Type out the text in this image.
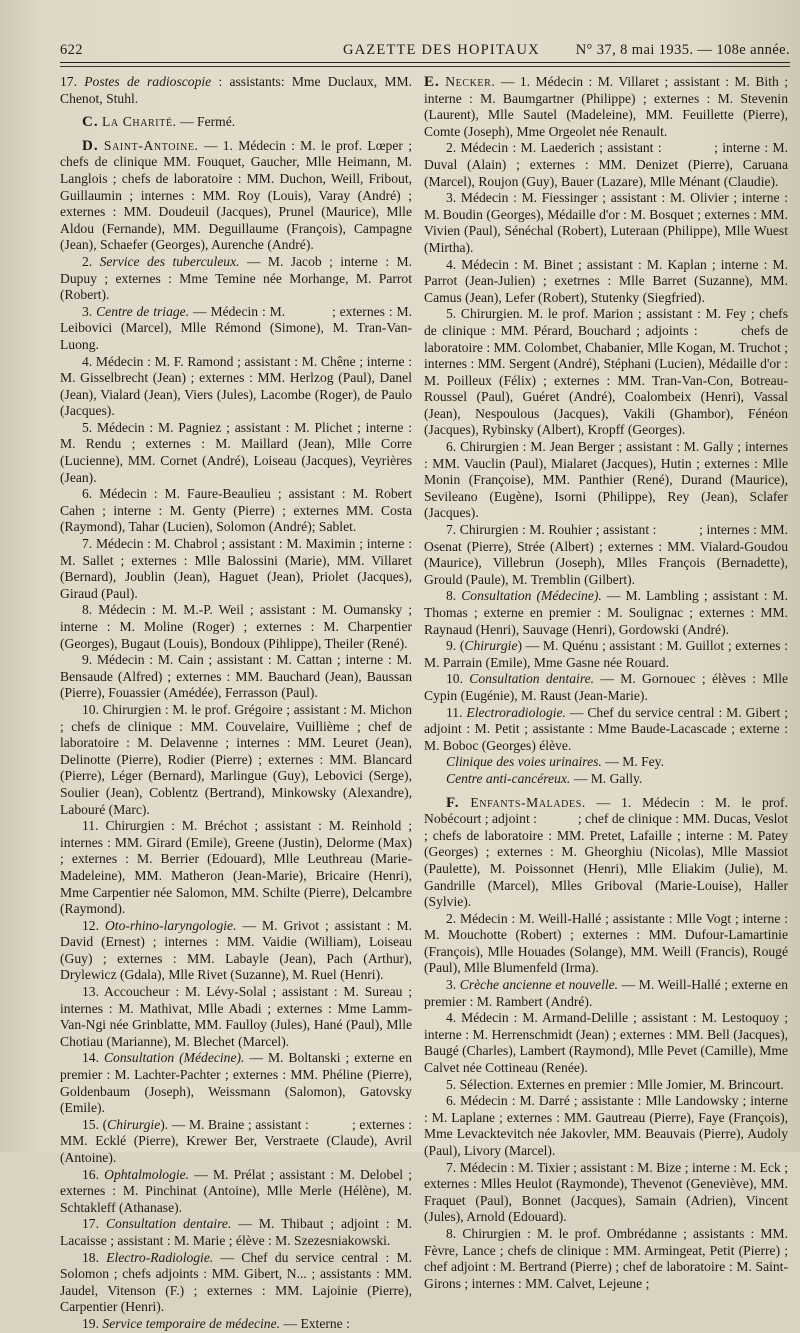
622	GAZETTE DES HOPITAUX N° 37, 8 mai 1935. — 108e année.

17. Postes de radioscopie : assistants: Mme Duclaux, MM. Chenot, Stuhl.

C. La Charité. — Fermé.

D. Saint-Antoine. — 1. Médecin : M. le prof. Lœper ; chefs de clinique MM. Fouquet, Gaucher, Mlle Heimann, M. Langlois ; chefs de laboratoire : MM. Duchon, Weill, Fribout, Guillaumin ; internes : MM. Roy (Louis), Varay (André) ; externes : MM. Doudeuil (Jacques), Prunel (Maurice), Mlle Aldou (Fernande), MM. Deguillaume (François), Campagne (Jean), Schaefer (Georges), Aurenche (André).

2. Service des tuberculeux. — M. Jacob ; interne : M. Dupuy ; externes : Mme Temine née Morhange, M. Parrot (Robert).

3. Centre de triage. — Médecin : M.            ; externes : M. Leibovici (Marcel), Mlle Rémond (Simone), M. Tran-Van-Luong.

4. Médecin : M. F. Ramond ; assistant : M. Chêne ; interne : M. Gisselbrecht (Jean) ; externes : MM. Herlzog (Paul), Danel (Jean), Vialard (Jean), Viers (Jules), Lacombe (Roger), de Paulo (Jacques).

5. Médecin : M. Pagniez ; assistant : M. Plichet ; interne : M. Rendu ; externes : M. Maillard (Jean), Mlle Corre (Lucienne), MM. Cornet (André), Loiseau (Jacques), Veyrières (Jean).

6. Médecin : M. Faure-Beaulieu ; assistant : M. Robert Cahen ; interne : M. Genty (Pierre) ; externes MM. Costa (Raymond), Tahar (Lucien), Solomon (André); Sablet.

7. Médecin : M. Chabrol ; assistant : M. Maximin ; interne : M. Sallet ; externes : Mlle Balossini (Marie), MM. Villaret (Bernard), Joublin (Jean), Haguet (Jean), Priolet (Jacques), Giraud (Paul).

8. Médecin : M. M.-P. Weil ; assistant : M. Oumansky ; interne : M. Moline (Roger) ; externes : M. Charpentier (Georges), Bugaut (Louis), Bondoux (Pihlippe), Theiler (René).

9. Médecin : M. Cain ; assistant : M. Cattan ; interne : M. Bensaude (Alfred) ; externes : MM. Bauchard (Jean), Baussan (Pierre), Fouassier (Amédée), Ferrasson (Paul).

10. Chirurgien : M. le prof. Grégoire ; assistant : M. Michon ; chefs de clinique : MM. Couvelaire, Vuillième ; chef de laboratoire : M. Delavenne ; internes : MM. Leuret (Jean), Delinotte (Pierre), Rodier (Pierre) ; externes : MM. Blancard (Pierre), Léger (Bernard), Marlingue (Guy), Lebovici (Serge), Soulier (Jean), Coblentz (Bertrand), Minkowsky (Alexandre), Labouré (Marc).

11. Chirurgien : M. Bréchot ; assistant : M. Reinhold ; internes : MM. Girard (Emile), Greene (Justin), Delorme (Max) ; externes : M. Berrier (Edouard), Mlle Leuthreau (Marie-Madeleine), MM. Matheron (Jean-Marie), Bricaire (Henri), Mme Carpentier née Salomon, MM. Schilte (Pierre), Delcambre (Raymond).

12. Oto-rhino-laryngologie. — M. Grivot ; assistant : M. David (Ernest) ; internes : MM. Vaidie (William), Loiseau (Guy) ; externes : MM. Labayle (Jean), Pach (Arthur), Drylewicz (Gdala), Mlle Rivet (Suzanne), M. Ruel (Henri).

13. Accoucheur : M. Lévy-Solal ; assistant : M. Sureau ; internes : M. Mathivat, Mlle Abadi ; externes : Mme Lamm-Van-Ngi née Grinblatte, MM. Faulloy (Jules), Hané (Paul), Mlle Chotiau (Marianne), M. Blechet (Marcel).

14. Consultation (Médecine). — M. Boltanski ; externe en premier : M. Lachter-Pachter ; externes : MM. Phéline (Pierre), Goldenbaum (Joseph), Weissmann (Salomon), Gatovsky (Emile).

15. (Chirurgie). — M. Braine ; assistant :            ; externes : MM. Ecklé (Pierre), Krewer Ber, Verstraete (Claude), Avril (Antoine).

16. Ophtalmologie. — M. Prélat ; assistant : M. Delobel ; externes : M. Pinchinat (Antoine), Mlle Merle (Hélène), M. Schtakleff (Athanase).

17. Consultation dentaire. — M. Thibaut ; adjoint : M. Lacaisse ; assistant : M. Marie ; élève : M. Szezesniakowski.

18. Electro-Radiologie. — Chef du service central : M. Solomon ; chefs adjoints : MM. Gibert, N... ; assistants : MM. Jaudel, Vitenson (F.) ; externes : MM. Lajoinie (Pierre), Carpentier (Henri).

19. Service temporaire de médecine. — Externe :

E. Necker. — 1. Médecin : M. Villaret ; assistant : M. Bith ; interne : M. Baumgartner (Philippe) ; externes : M. Stevenin (Laurent), Mlle Sautel (Madeleine), MM. Feuillette (Pierre), Comte (Joseph), Mme Orgeolet née Renault.

2. Médecin : M. Laederich ; assistant :            ; interne : M. Duval (Alain) ; externes : MM. Denizet (Pierre), Caruana (Marcel), Roujon (Guy), Bauer (Lazare), Mlle Ménant (Claudie).

3. Médecin : M. Fiessinger ; assistant : M. Olivier ; interne : M. Boudin (Georges), Médaille d'or : M. Bosquet ; externes : MM. Vivien (Paul), Sénéchal (Robert), Luteraan (Philippe), Mlle Wuest (Mirtha).

4. Médecin : M. Binet ; assistant : M. Kaplan ; interne : M. Parrot (Jean-Julien) ; exetrnes : Mlle Barret (Suzanne), MM. Camus (Jean), Lefer (Robert), Stutenky (Siegfried).

5. Chirurgien. M. le prof. Marion ; assistant : M. Fey ; chefs de clinique : MM. Pérard, Bouchard ; adjoints :        chefs de laboratoire : MM. Colombet, Chabanier, Mlle Kogan, M. Truchot ; internes : MM. Sergent (André), Stéphani (Lucien), Médaille d'or : M. Poilleux (Félix) ; externes : MM. Tran-Van-Con, Botreau-Roussel (Paul), Guéret (André), Coalombeix (Henri), Vassal (Jean), Nespoulous (Jacques), Vakili (Ghambor), Fénéon (Jacques), Rybinsky (Albert), Kropff (Georges).

6. Chirurgien : M. Jean Berger ; assistant : M. Gally ; internes : MM. Vauclin (Paul), Mialaret (Jacques), Hutin ; externes : Mlle Monin (Françoise), MM. Panthier (René), Durand (Maurice), Sevileano (Eugène), Isorni (Philippe), Rey (Jean), Sclafer (Jacques).

7. Chirurgien : M. Rouhier ; assistant :            ; internes : MM. Osenat (Pierre), Strée (Albert) ; externes : MM. Vialard-Goudou (Maurice), Villebrun (Joseph), Mlles François (Bernadette), Grould (Paule), M. Tremblin (Gilbert).

8. Consultation (Médecine). — M. Lambling ; assistant : M. Thomas ; externe en premier : M. Soulignac ; externes : MM. Raynaud (Henri), Sauvage (Henri), Gordowski (André).

9. (Chirurgie) — M. Quénu ; assistant : M. Guillot ; externes : M. Parrain (Emile), Mme Gasne née Rouard.

10. Consultation dentaire. — M. Gornouec ; élèves : Mlle Cypin (Eugénie), M. Raust (Jean-Marie).

11. Electroradiologie. — Chef du service central : M. Gibert ; adjoint : M. Petit ; assistante : Mme Baude-Lacascade ; externe : M. Boboc (Georges) élève.

Clinique des voies urinaires. — M. Fey.

Centre anti-cancéreux. — M. Gally.

F. Enfants-Malades. — 1. Médecin : M. le prof. Nobécourt ; adjoint :            ; chef de clinique : MM. Ducas, Veslot ; chefs de laboratoire : MM. Pretet, Lafaille ; interne : M. Patey (Georges) ; externes : M. Gheorghiu (Nicolas), Mlle Massiot (Paulette), M. Poissonnet (Henri), Mlle Eliakim (Julie), M. Gandrille (Marcel), Mlles Griboval (Marie-Louise), Haller (Sylvie).

2. Médecin : M. Weill-Hallé ; assistante : Mlle Vogt ; interne : M. Mouchotte (Robert) ; externes : MM. Dufour-Lamartinie (François), Mlle Houades (Solange), MM. Weill (Francis), Rougé (Paul), Mlle Blumenfeld (Irma).

3. Crèche ancienne et nouvelle. — M. Weill-Hallé ; externe en premier : M. Rambert (André).

4. Médecin : M. Armand-Delille ; assistant : M. Lestoquoy ; interne : M. Herrenschmidt (Jean) ; externes : MM. Bell (Jacques), Baugé (Charles), Lambert (Raymond), Mlle Pevet (Camille), Mme Calvet née Cottineau (Renée).

5. Sélection. Externes en premier : Mlle Jomier, M. Brincourt.

6. Médecin : M. Darré ; assistante : Mlle Landowsky ; interne : M. Laplane ; externes : MM. Gautreau (Pierre), Faye (François), Mme Levacktevitch née Jakovler, MM. Beauvais (Pierre), Audoly (Paul), Livory (Marcel).

7. Médecin : M. Tixier ; assistant : M. Bize ; interne : M. Eck ; externes : Mlles Heulot (Raymonde), Thevenot (Geneviève), MM. Fraquet (Paul), Bonnet (Jacques), Samain (Adrien), Vincent (Jules), Arnold (Edouard).

8. Chirurgien : M. le prof. Ombrédanne ; assistants : MM. Fèvre, Lance ; chefs de clinique : MM. Armingeat, Petit (Pierre) ; chef adjoint : M. Bertrand (Pierre) ; chef de laboratoire : M. Saint-Girons ; internes : MM. Calvet, Lejeune ;
